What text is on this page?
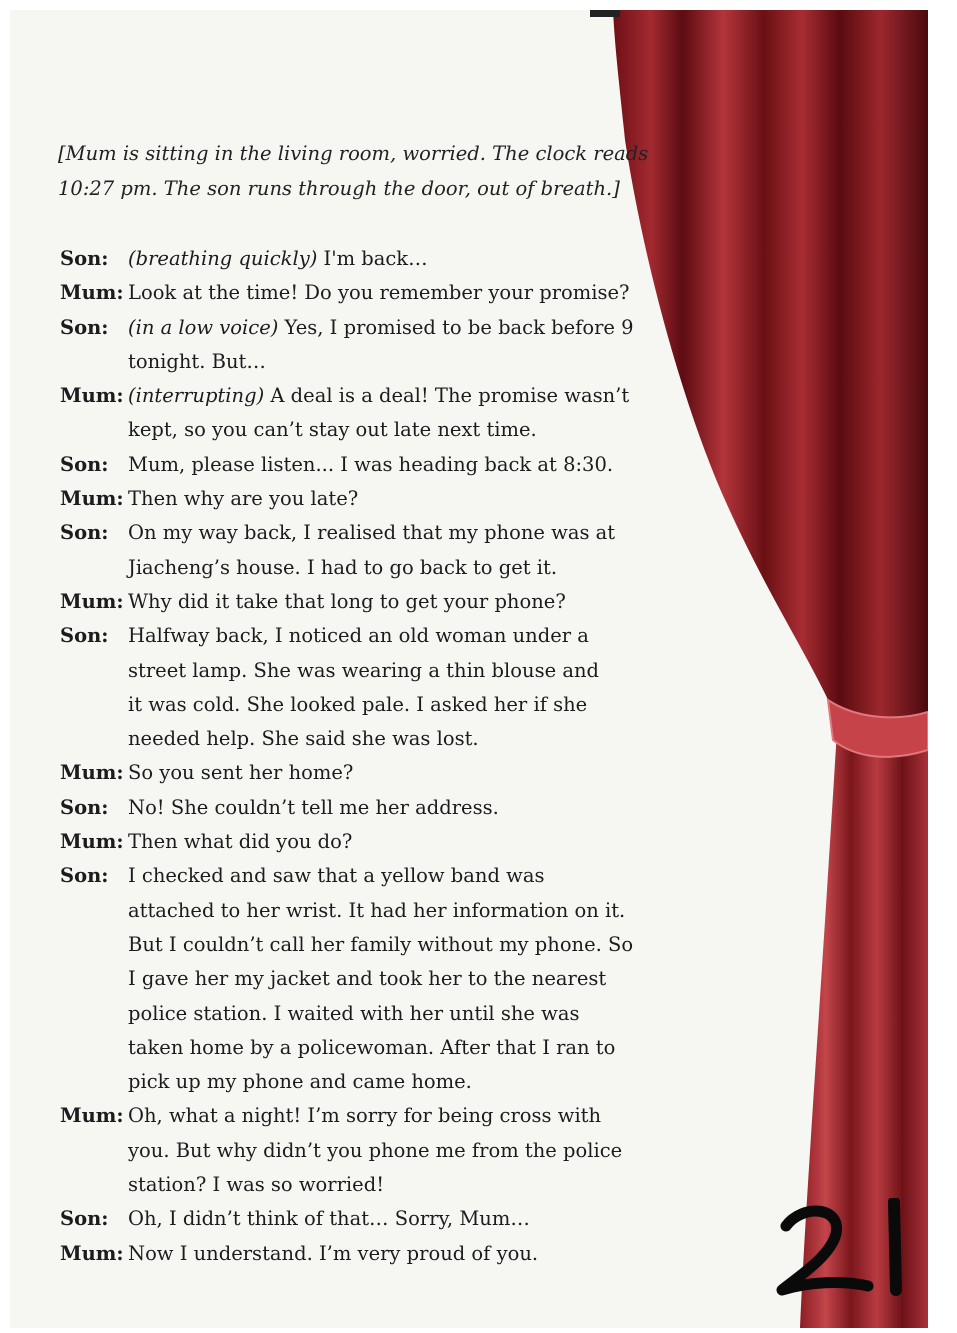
[Mum is sitting in the living room, worried. The clock reads
10:27 pm. The son runs through the door, out of breath.]
Son:	(breathing quickly) I'm back…
Mum: Look at the time! Do you remember your promise?
Son:	(in a low voice) Yes, I promised to be back before 9
tonight. But…
Mum: (interrupting) A deal is a deal! The promise wasn’t
kept, so you can’t stay out late next time.
Son:	Mum, please listen... I was heading back at 8:30.
Mum: Then why are you late?
Son:	On my way back, I realised that my phone was at
Jiacheng’s house. I had to go back to get it.
Mum: Why did it take that long to get your phone?
Son:	Halfway back, I noticed an old woman under a
street lamp. She was wearing a thin blouse and
it was cold. She looked pale. I asked her if she
needed help. She said she was lost.
Mum: So you sent her home?
Son:	No! She couldn’t tell me her address.
Mum: Then what did you do?
Son:	I checked and saw that a yellow band was
attached to her wrist. It had her information on it.
But I couldn’t call her family without my phone. So
I gave her my jacket and took her to the nearest
police station. I waited with her until she was
taken home by a policewoman. After that I ran to
pick up my phone and came home.
Mum: Oh, what a night! I’m sorry for being cross with
you. But why didn’t you phone me from the police
station? I was so worried!
Son:	Oh, I didn’t think of that… Sorry, Mum…
Mum: Now I understand. I’m very proud of you.
